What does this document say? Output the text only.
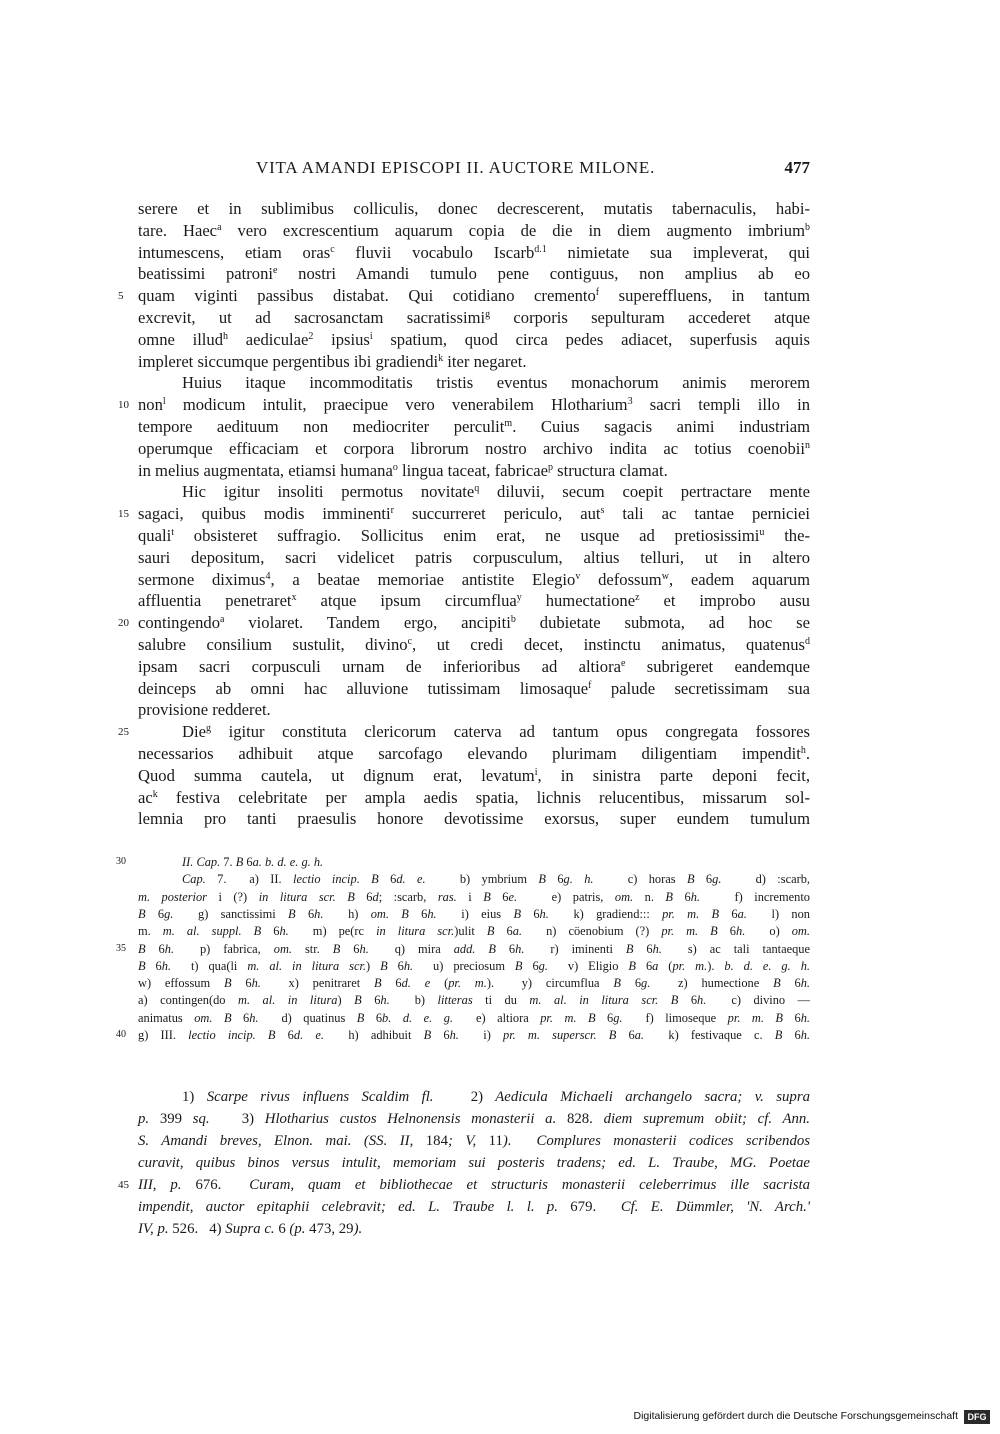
VITA AMANDI EPISCOPI II. AUCTORE MILONE.	477
serere et in sublimibus colliculis, donec decrescerent, mutatis tabernaculis, habi-
tare. Haec$^a$ vero excrescentium aquarum copia de die in diem augmento imbrium$^b$
intumescens, etiam oras$^c$ fluvii vocabulo Iscarb$^{d.1}$ nimietate sua impleverat, qui
beatissimi patroni$^e$ nostri Amandi tumulo pene contiguus, non amplius ab eo
quam viginti passibus distabat. Qui cotidiano cremento$^f$ supereffluens, in tantum
5
excrevit, ut ad sacrosanctam sacratissimi$^g$ corporis sepulturam accederet atque
omne illud$^h$ aediculae$^2$ ipsius$^i$ spatium, quod circa pedes adiacet, superfusis aquis
impleret siccumque pergentibus ibi gradiendi$^k$ iter negaret.
Huius itaque incommoditatis tristis eventus monachorum animis merorem
non$^l$ modicum intulit, praecipue vero venerabilem Hlotharium$^3$ sacri templi illo in
10
tempore aedituum non mediocriter perculit$^m$. Cuius sagacis animi industriam
operumque efficaciam et corpora librorum nostro archivo indita ac totius coenobii$^n$
in melius augmentata, etiamsi humana$^o$ lingua taceat, fabricae$^p$ structura clamat.
Hic igitur insoliti permotus novitate$^q$ diluvii, secum coepit pertractare mente
sagaci, quibus modis imminenti$^r$ succurreret periculo, aut$^s$ tali ac tantae perniciei
15
quali$^t$ obsisteret suffragio. Sollicitus enim erat, ne usque ad pretiosissimi$^u$ the-
sauri depositum, sacri videlicet patris corpusculum, altius telluri, ut in altero
sermone diximus$^4$, a beatae memoriae antistite Elegio$^v$ defossum$^w$, eadem aquarum
affluentia penetraret$^x$ atque ipsum circumflua$^y$ humectatione$^z$ et improbo ausu
contingendo$^a$ violaret. Tandem ergo, ancipiti$^b$ dubietate submota, ad hoc se
20
salubre consilium sustulit, divino$^c$, ut credi decet, instinctu animatus, quatenus$^d$
ipsam sacri corpusculi urnam de inferioribus ad altiora$^e$ subrigeret eandemque
deinceps ab omni hac alluvione tutissimam limosaque$^f$ palude secretissimam sua
provisione redderet.
Die$^g$ igitur constituta clericorum caterva ad tantum opus congregata fossores
25
necessarios adhibuit atque sarcofago elevando plurimam diligentiam impendit$^h$.
Quod summa cautela, ut dignum erat, levatum$^i$, in sinistra parte deponi fecit,
$ac^k$ festiva celebritate per ampla aedis spatia, lichnis relucentibus, missarum sol-
lemnia pro tanti praesulis honore devotissime exorsus, super eundem tumulum
II. Cap. 7. B 6a. b. d. e. g. h.
30
Cap. 7.  a) II. lectio incip. B 6d. e.   b) ymbrium B 6g. h.   c) horas B 6g.   d) :scarb,
m. posterior i (?) in litura scr. B 6d; :scarb, ras. i B 6e.   e) patris, om. n. B 6h.   f) incremento
B 6g.  g) sanctissimi B 6h.  h) om. B 6h.  i) eius B 6h.  k) gradiend::: pr. m. B 6a.  l) non
m. m. al. suppl. B 6h.  m) pe(rc in litura scr.)ulit B 6a.  n) cöenobium (?) pr. m. B 6h.  o) om.
B 6h.  p) fabrica, om. str. B 6h.  q) mira add. B 6h.  r) iminenti B 6h.  s) ac tali tantaeque
35
B 6h.  t) qua(li m. al. in litura scr.) B 6h.  u) preciosum B 6g.  v) Eligio B 6a (pr. m.). b. d. e. g. h.
w) effossum B 6h.  x) penitraret B 6d. e (pr. m.).  y) circumflua B 6g.  z) humectione B 6h.
a) contingen(do m. al. in litura) B 6h.  b) litteras ti du m. al. in litura scr. B 6h.  c) divino —
animatus om. B 6h.  d) quatinus B 6b. d. e. g.  e) altiora pr. m. B 6g.  f) limoseque pr. m. B 6h.
g) III. lectio incip. B 6d. e.  h) adhibuit B 6h.  i) pr. m. superscr. B 6a.  k) festivaque c. B 6h.
40
1) Scarpe rivus influens Scaldim fl.   2) Aedicula Michaeli archangelo sacra; v. supra
p. 399 sq.   3) Hlotharius custos Helnonensis monasterii a. 828. diem supremum obiit; cf. Ann.
S. Amandi breves, Elnon. mai. (SS. II, 184; V, 11).  Complures monasterii codices scribendos
curavit, quibus binos versus intulit, memoriam sui posteris tradens; ed. L. Traube, MG. Poetae
III, p. 676.  Curam, quam et bibliothecae et structuris monasterii celeberrimus ille sacrista
45
impendit, auctor epitaphii celebravit; ed. L. Traube l. l. p. 679.  Cf. E. Dümmler, 'N. Arch.'
IV, p. 526. 4) Supra c. 6 (p. 473, 29).
Digitalisierung gefördert durch die Deutsche Forschungsgemeinschaft	DFG
